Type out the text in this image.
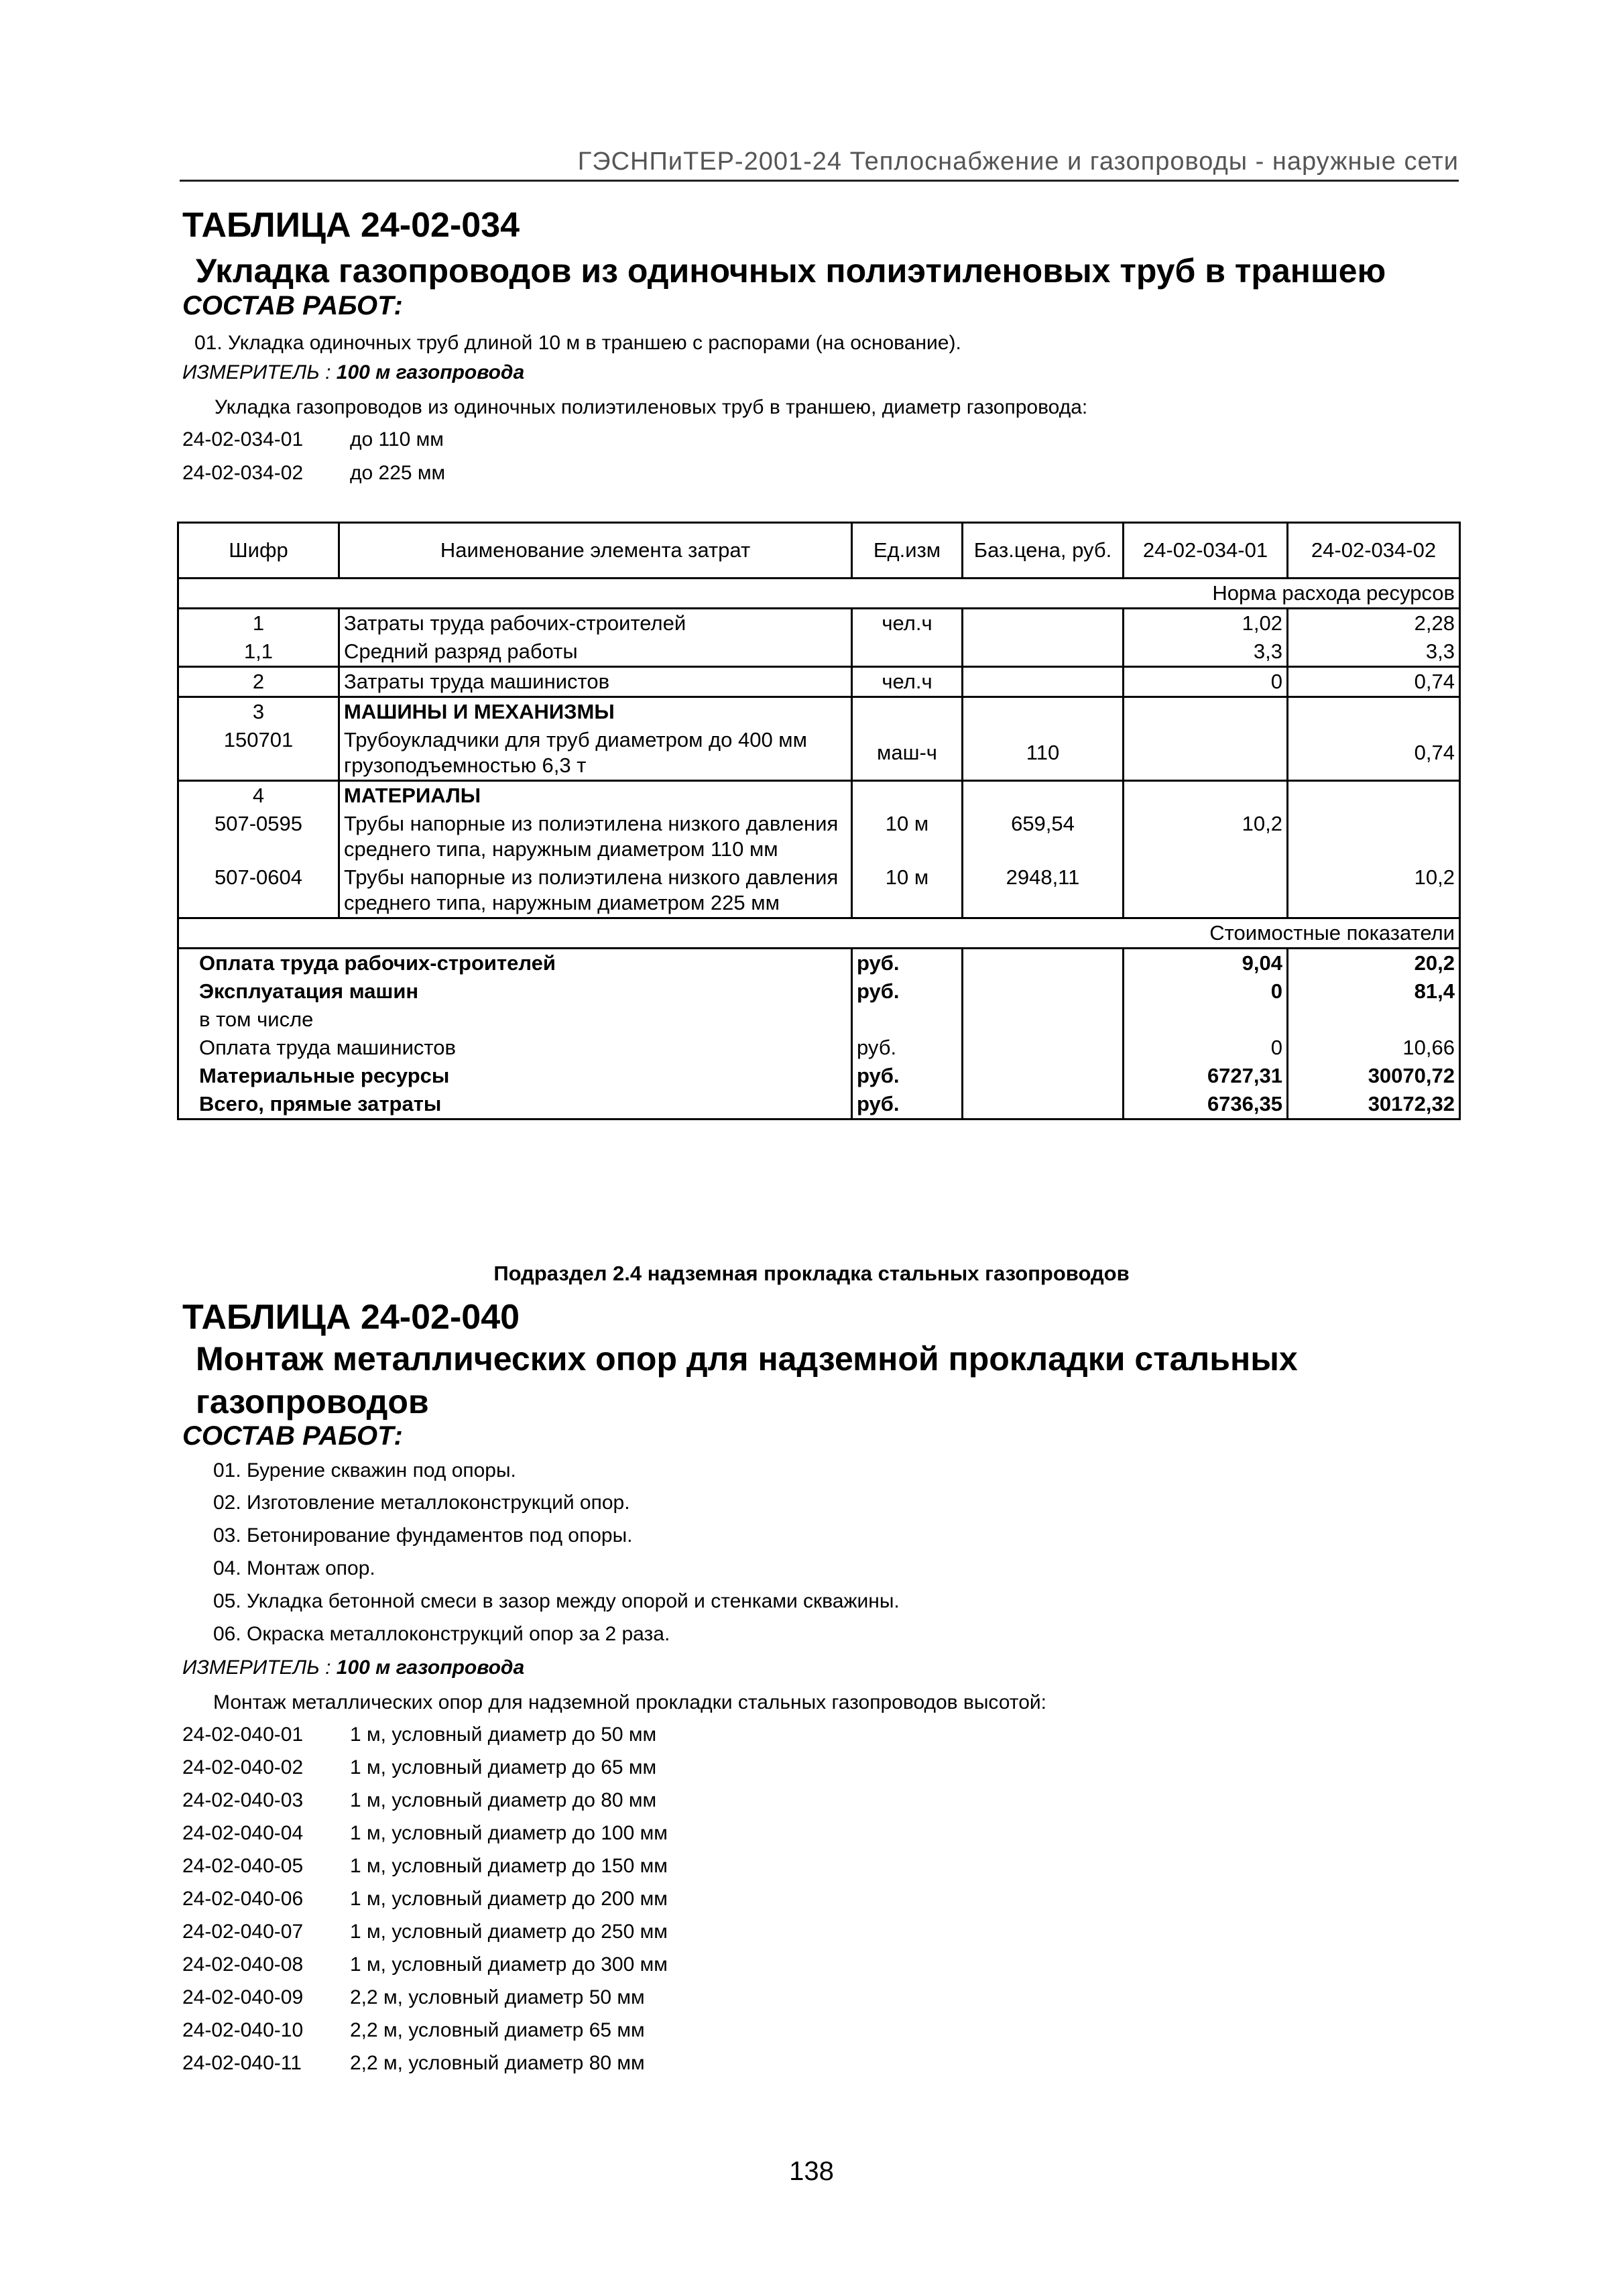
ГЭСНПиТЕР-2001-24 Теплоснабжение и газопроводы - наружные сети
ТАБЛИЦА 24-02-034
Укладка газопроводов из одиночных полиэтиленовых труб в траншею
СОСТАВ РАБОТ:
01. Укладка одиночных труб длиной 10 м в траншею с распорами (на основание).
ИЗМЕРИТЕЛЬ : 100 м газопровода
Укладка газопроводов из одиночных полиэтиленовых труб в траншею, диаметр газопровода:
24-02-034-01 до 110 мм
24-02-034-02 до 225 мм
Шифр	Наименование элемента затрат	Ед.изм	Баз.цена, руб.	24-02-034-01	24-02-034-02
Норма расхода ресурсов					
1	Затраты труда рабочих-строителей	чел.ч		1,02	2,28
1,1	Средний разряд работы			3,3	3,3
2	Затраты труда машинистов	чел.ч		0	0,74
3	МАШИНЫ И МЕХАНИЗМЫ				
150701	Трубоукладчики для труб диаметром до 400 мм грузоподъемностью 6,3 т	маш-ч	110		0,74
4	МАТЕРИАЛЫ				
507-0595	Трубы напорные из полиэтилена низкого давления среднего типа, наружным диаметром 110 мм	10 м	659,54	10,2	
507-0604	Трубы напорные из полиэтилена низкого давления среднего типа, наружным диаметром 225 мм	10 м	2948,11		10,2
Стоимостные показатели					
Оплата труда рабочих-строителей		руб.		9,04	20,2
Эксплуатация машин		руб.		0	81,4
в том числе					
Оплата труда машинистов		руб.		0	10,66
Материальные ресурсы		руб.		6727,31	30070,72
Всего, прямые затраты		руб.		6736,35	30172,32
Подраздел 2.4 надземная прокладка стальных газопроводов
ТАБЛИЦА 24-02-040
Монтаж металлических опор для надземной прокладки стальных газопроводов
СОСТАВ РАБОТ:
01. Бурение скважин под опоры.
02. Изготовление металлоконструкций опор.
03. Бетонирование фундаментов под опоры.
04. Монтаж опор.
05. Укладка бетонной смеси в зазор между опорой и стенками скважины.
06. Окраска металлоконструкций опор за 2 раза.
ИЗМЕРИТЕЛЬ : 100 м газопровода
Монтаж металлических опор для надземной прокладки стальных газопроводов высотой:
24-02-040-01 1 м, условный диаметр до 50 мм
24-02-040-02 1 м, условный диаметр до 65 мм
24-02-040-03 1 м, условный диаметр до 80 мм
24-02-040-04 1 м, условный диаметр до 100 мм
24-02-040-05 1 м, условный диаметр до 150 мм
24-02-040-06 1 м, условный диаметр до 200 мм
24-02-040-07 1 м, условный диаметр до 250 мм
24-02-040-08 1 м, условный диаметр до 300 мм
24-02-040-09 2,2 м, условный диаметр 50 мм
24-02-040-10 2,2 м, условный диаметр 65 мм
24-02-040-11 2,2 м, условный диаметр 80 мм
138
